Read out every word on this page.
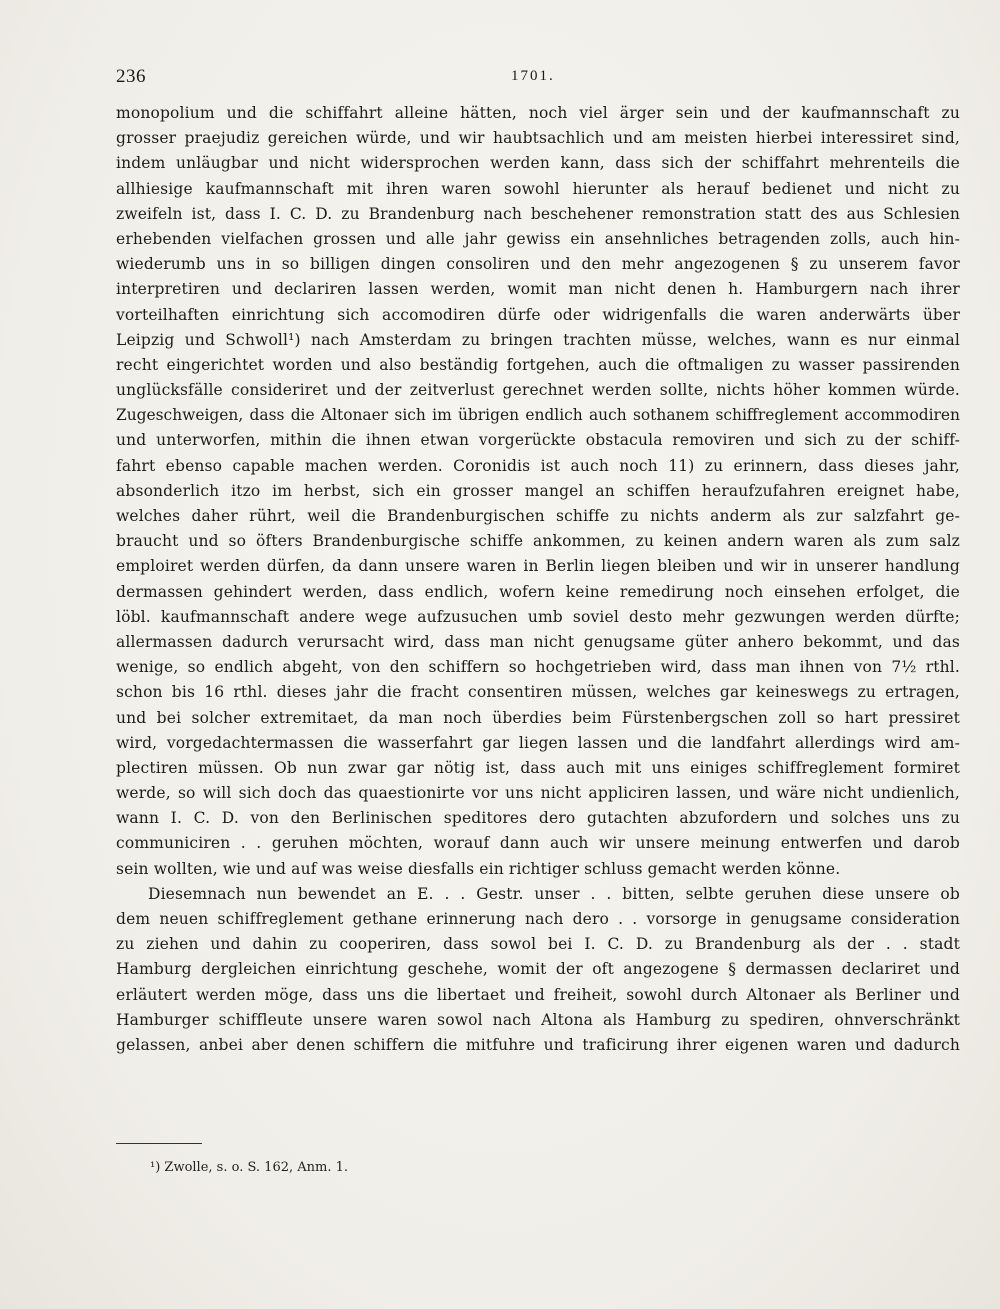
236	1701.
monopolium und die schiffahrt alleine hätten, noch viel ärger sein und der kaufmannschaft zu
grosser praejudiz gereichen würde, und wir haubtsachlich und am meisten hierbei interessiret sind,
indem unläugbar und nicht widersprochen werden kann, dass sich der schiffahrt mehrenteils die
allhiesige kaufmannschaft mit ihren waren sowohl hierunter als herauf bedienet und nicht zu
zweifeln ist, dass I. C. D. zu Brandenburg nach beschehener remonstration statt des aus Schlesien
erhebenden vielfachen grossen und alle jahr gewiss ein ansehnliches betragenden zolls, auch hin-
wiederumb uns in so billigen dingen consoliren und den mehr angezogenen § zu unserem favor
interpretiren und declariren lassen werden, womit man nicht denen h. Hamburgern nach ihrer
vorteilhaften einrichtung sich accomodiren dürfe oder widrigenfalls die waren anderwärts über
Leipzig und Schwoll¹) nach Amsterdam zu bringen trachten müsse, welches, wann es nur einmal
recht eingerichtet worden und also beständig fortgehen, auch die oftmaligen zu wasser passirenden
unglücksfälle consideriret und der zeitverlust gerechnet werden sollte, nichts höher kommen würde.
Zugeschweigen, dass die Altonaer sich im übrigen endlich auch sothanem schiffreglement accommodiren
und unterworfen, mithin die ihnen etwan vorgerückte obstacula removiren und sich zu der schiff-
fahrt ebenso capable machen werden. Coronidis ist auch noch 11) zu erinnern, dass dieses jahr,
absonderlich itzo im herbst, sich ein grosser mangel an schiffen heraufzufahren ereignet habe,
welches daher rührt, weil die Brandenburgischen schiffe zu nichts anderm als zur salzfahrt ge-
braucht und so öfters Brandenburgische schiffe ankommen, zu keinen andern waren als zum salz
emploiret werden dürfen, da dann unsere waren in Berlin liegen bleiben und wir in unserer handlung
dermassen gehindert werden, dass endlich, wofern keine remedirung noch einsehen erfolget, die
löbl. kaufmannschaft andere wege aufzusuchen umb soviel desto mehr gezwungen werden dürfte;
allermassen dadurch verursacht wird, dass man nicht genugsame güter anhero bekommt, und das
wenige, so endlich abgeht, von den schiffern so hochgetrieben wird, dass man ihnen von 7½ rthl.
schon bis 16 rthl. dieses jahr die fracht consentiren müssen, welches gar keineswegs zu ertragen,
und bei solcher extremitaet, da man noch überdies beim Fürstenbergschen zoll so hart pressiret
wird, vorgedachtermassen die wasserfahrt gar liegen lassen und die landfahrt allerdings wird am-
plectiren müssen. Ob nun zwar gar nötig ist, dass auch mit uns einiges schiffreglement formiret
werde, so will sich doch das quaestionirte vor uns nicht appliciren lassen, und wäre nicht undienlich,
wann I. C. D. von den Berlinischen speditores dero gutachten abzufordern und solches uns zu
communiciren . . geruhen möchten, worauf dann auch wir unsere meinung entwerfen und darob
sein wollten, wie und auf was weise diesfalls ein richtiger schluss gemacht werden könne.
Diesemnach nun bewendet an E. . . Gestr. unser . . bitten, selbte geruhen diese unsere ob
dem neuen schiffreglement gethane erinnerung nach dero . . vorsorge in genugsame consideration
zu ziehen und dahin zu cooperiren, dass sowol bei I. C. D. zu Brandenburg als der . . stadt
Hamburg dergleichen einrichtung geschehe, womit der oft angezogene § dermassen declariret und
erläutert werden möge, dass uns die libertaet und freiheit, sowohl durch Altonaer als Berliner und
Hamburger schiffleute unsere waren sowol nach Altona als Hamburg zu spediren, ohnverschränkt
gelassen, anbei aber denen schiffern die mitfuhre und traficirung ihrer eigenen waren und dadurch
¹) Zwolle, s. o. S. 162, Anm. 1.
